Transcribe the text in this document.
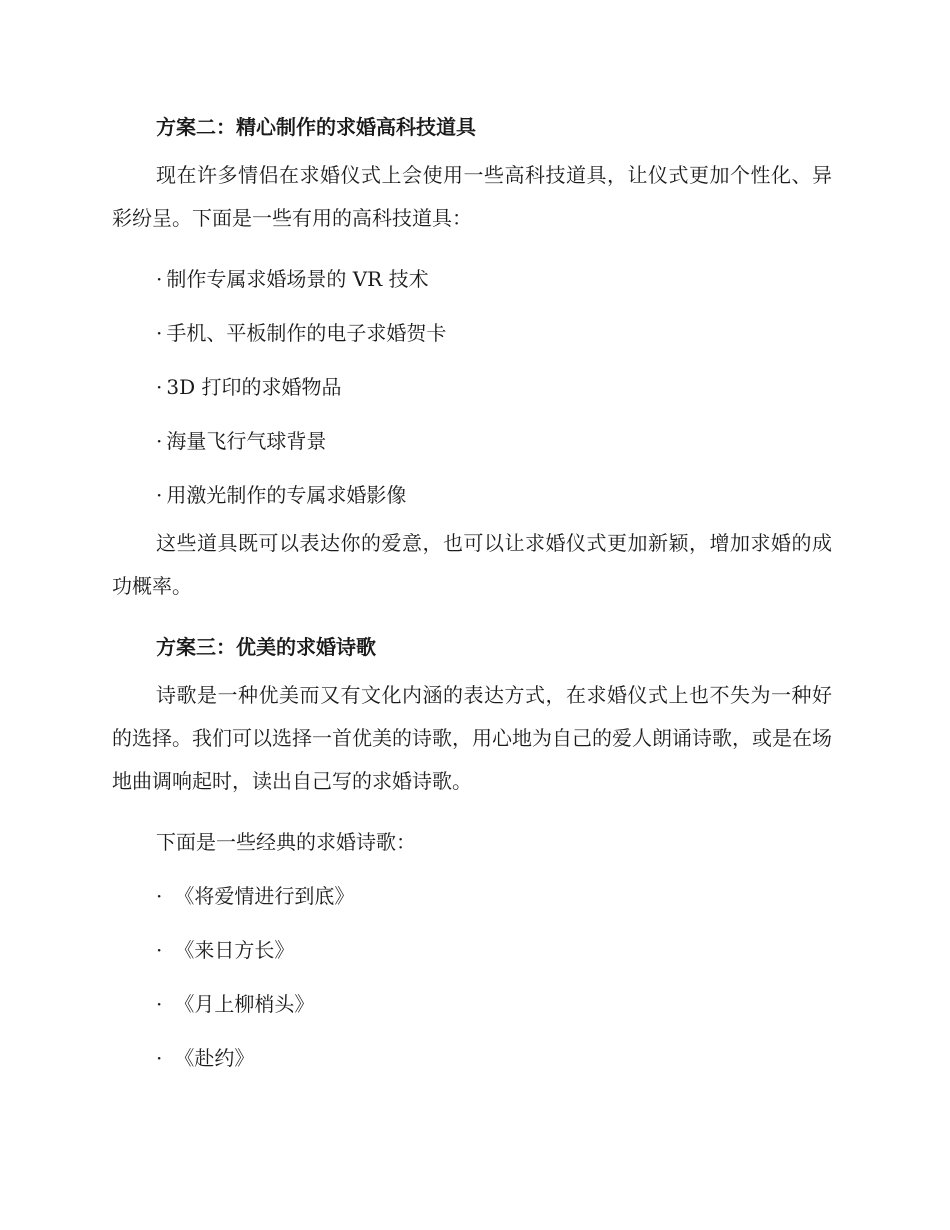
方案二：精心制作的求婚高科技道具

现在许多情侣在求婚仪式上会使用一些高科技道具，让仪式更加个性化、异彩纷呈。下面是一些有用的高科技道具：

· 制作专属求婚场景的 VR 技术
· 手机、平板制作的电子求婚贺卡
· 3D 打印的求婚物品
· 海量飞行气球背景
· 用激光制作的专属求婚影像

这些道具既可以表达你的爱意，也可以让求婚仪式更加新颖，增加求婚的成功概率。

方案三：优美的求婚诗歌

诗歌是一种优美而又有文化内涵的表达方式，在求婚仪式上也不失为一种好的选择。我们可以选择一首优美的诗歌，用心地为自己的爱人朗诵诗歌，或是在场地曲调响起时，读出自己写的求婚诗歌。

下面是一些经典的求婚诗歌：
· 《将爱情进行到底》
· 《来日方长》
· 《月上柳梢头》
· 《赴约》
